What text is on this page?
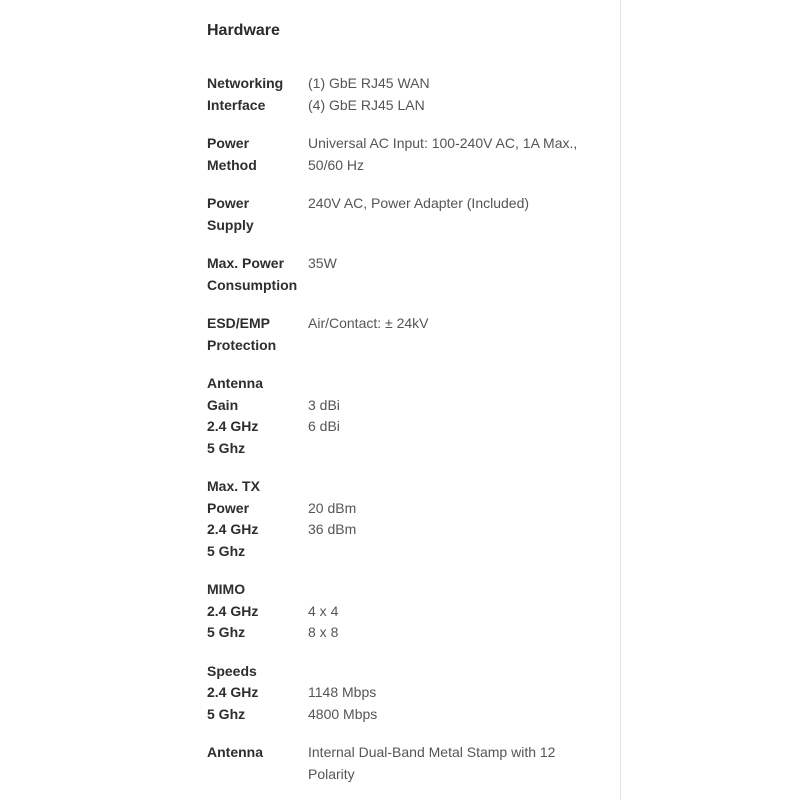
Hardware
Networking
Interface
(1) GbE RJ45 WAN
(4) GbE RJ45 LAN
Power
Method
Universal AC Input: 100-240V AC, 1A Max.,
50/60 Hz
Power
Supply
240V AC, Power Adapter (Included)
Max. Power
Consumption
35W
ESD/EMP
Protection
Air/Contact: ± 24kV
Antenna
Gain
2.4 GHz
5 Ghz
3 dBi
6 dBi
Max. TX
Power
2.4 GHz
5 Ghz
20 dBm
36 dBm
MIMO
2.4 GHz
5 Ghz
4 x 4
8 x 8
Speeds
2.4 GHz
5 Ghz
1148 Mbps
4800 Mbps
Antenna	Internal Dual-Band Metal Stamp with 12
Polarity
